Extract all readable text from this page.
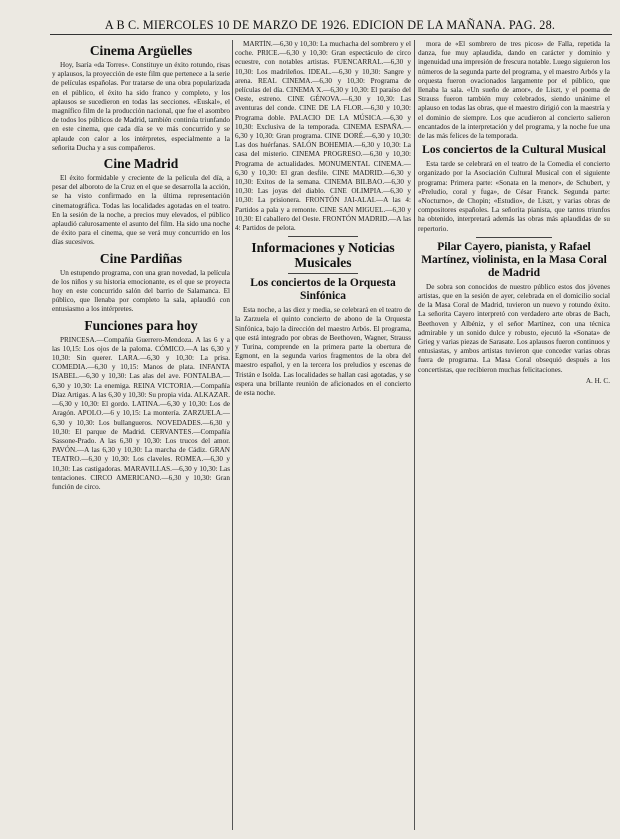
A B C. MIERCOLES 10 DE MARZO DE 1926. EDICION DE LA MAÑANA. PAG. 28.
Cinema Argüelles

Hoy, Isaría «da Torres». Constituye un éxito rotundo, risas y aplausos, la proyección de este film que pertenece a la serie de películas españolas. Por tratarse de una obra popularizada en el público, el éxito ha sido franco y completo, y los aplausos se sucedieron en todas las secciones. «Euskal», el magnífico film de la producción nacional, que fue el asombro de todos los públicos de Madrid, también continúa triunfando en este cinema, que cada día se ve más concurrido y se aplaude con calor a los intérpretes, especialmente a la señorita Ducha y a sus compañeros.

Cine Madrid

El éxito formidable y creciente de la película del día, a pesar del alboroto de la Cruz en el que se desarrolla la acción, se ha visto confirmado en la última representación cinematográfica. Todas las localidades agotadas en el teatro. En la sesión de la noche, a precios muy elevados, el público aplaudió calurosamente el asunto del film. Ha sido una noche de éxito para el cinema, que se verá muy concurrido en los días sucesivos.

Cine Pardiñas

Un estupendo programa, con una gran novedad, la película de los niños y su historia emocionante, es el que se proyecta hoy en este concurrido salón del barrio de Salamanca. El público, que llenaba por completo la sala, aplaudió con entusiasmo a los intérpretes.

Funciones para hoy

PRINCESA.—Compañía Guerrero-Mendoza. A las 6 y a las 10,15: Los ojos de la paloma. CÓMICO.—A las 6,30 y 10,30: Sin querer. LARA.—6,30 y 10,30: La prisa. COMEDIA.—6,30 y 10,15: Manos de plata. INFANTA ISABEL.—6,30 y 10,30: Las alas del ave. FONTALBA.—6,30 y 10,30: La enemiga. REINA VICTORIA.—Compañía Díaz Artigas. A las 6,30 y 10,30: Su propia vida. ALKAZAR.—6,30 y 10,30: El gordo. LATINA.—6,30 y 10,30: Los de Aragón. APOLO.—6 y 10,15: La montería. ZARZUELA.—6,30 y 10,30: Los bullangueros. NOVEDADES.—6,30 y 10,30: El parque de Madrid. CERVANTES.—Compañía Sassone-Prado. A las 6,30 y 10,30: Los trucos del amor. PAVÓN.—A las 6,30 y 10,30: La marcha de Cádiz. GRAN TEATRO.—6,30 y 10,30: Los claveles. ROMEA.—6,30 y 10,30: Las castigadoras. MARAVILLAS.—6,30 y 10,30: Las tentaciones. CIRCO AMERICANO.—6,30 y 10,30: Gran función de circo.

MARTÍN.—6,30 y 10,30: La muchacha del sombrero y el coche. PRICE.—6,30 y 10,30: Gran espectáculo de circo ecuestre, con notables artistas. FUENCARRAL.—6,30 y 10,30: Los madrileños. IDEAL.—6,30 y 10,30: Sangre y arena. REAL CINEMA.—6,30 y 10,30: Programa de películas del día. CINEMA X.—6,30 y 10,30: El paraíso del Oeste, estreno. CINE GÉNOVA.—6,30 y 10,30: Las aventuras del conde. CINE DE LA FLOR.—6,30 y 10,30: Programa doble. PALACIO DE LA MÚSICA.—6,30 y 10,30: Exclusiva de la temporada. CINEMA ESPAÑA.—6,30 y 10,30: Gran programa. CINE DORÉ.—6,30 y 10,30: Las dos huérfanas. SALÓN BOHEMIA.—6,30 y 10,30: La casa del misterio. CINEMA PROGRESO.—6,30 y 10,30: Programa de actualidades. MONUMENTAL CINEMA.—6,30 y 10,30: El gran desfile. CINE MADRID.—6,30 y 10,30: Exitos de la semana. CINEMA BILBAO.—6,30 y 10,30: Las joyas del diablo. CINE OLIMPIA.—6,30 y 10,30: La prisionera. FRONTÓN JAI-ALAI.—A las 4: Partidos a pala y a remonte. CINE SAN MIGUEL.—6,30 y 10,30: El caballero del Oeste. FRONTÓN MADRID.—A las 4: Partidos de pelota.

Informaciones y Noticias Musicales
Los conciertos de la Orquesta Sinfónica

Esta noche, a las diez y media, se celebrará en el teatro de la Zarzuela el quinto concierto de abono de la Orquesta Sinfónica, bajo la dirección del maestro Arbós. El programa, que está integrado por obras de Beethoven, Wagner, Strauss y Turina, comprende en la primera parte la obertura de Egmont, en la segunda varios fragmentos de la obra del maestro español, y en la tercera los preludios y escenas de Tristán e Isolda. Las localidades se hallan casi agotadas, y se espera una brillante reunión de aficionados en el concierto de esta noche.

mora de «El sombrero de tres picos» de Falla, repetida la danza, fue muy aplaudida, dando en carácter y dominio y ingenuidad una impresión de frescura notable. Luego siguieron los números de la segunda parte del programa, y el maestro Arbós y la orquesta fueron ovacionados largamente por el público, que llenaba la sala. «Un sueño de amor», de Liszt, y el poema de Strauss fueron también muy celebrados, siendo unánime el aplauso en todas las obras, que el maestro dirigió con la maestría y el dominio de siempre. Los que acudieron al concierto salieron encantados de la interpretación y del programa, y la noche fue una de las más felices de la temporada.

Los conciertos de la Cultural Musical

Esta tarde se celebrará en el teatro de la Comedia el concierto organizado por la Asociación Cultural Musical con el siguiente programa: Primera parte: «Sonata en la menor», de Schubert, y «Preludio, coral y fuga», de César Franck. Segunda parte: «Nocturno», de Chopin; «Estudio», de Liszt, y varias obras de compositores españoles. La señorita pianista, que tantos triunfos ha obtenido, interpretará además las obras más aplaudidas de su repertorio.

Pilar Cayero, pianista, y Rafael Martínez, violinista, en la Masa Coral de Madrid

De sobra son conocidos de nuestro público estos dos jóvenes artistas, que en la sesión de ayer, celebrada en el domicilio social de la Masa Coral de Madrid, tuvieron un nuevo y rotundo éxito. La señorita Cayero interpretó con verdadero arte obras de Bach, Beethoven y Albéniz, y el señor Martínez, con una técnica admirable y un sonido dulce y robusto, ejecutó la «Sonata» de Grieg y varias piezas de Sarasate. Los aplausos fueron continuos y entusiastas, y ambos artistas tuvieron que conceder varias obras fuera de programa. La Masa Coral obsequió después a los concertistas, que recibieron muchas felicitaciones.

A. H. C.
